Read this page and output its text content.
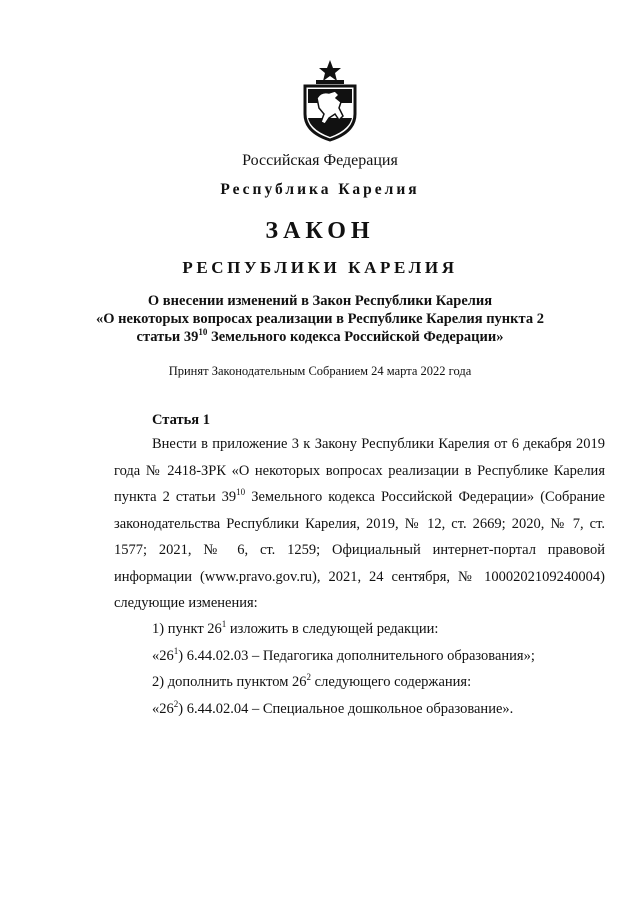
Российская Федерация
Республика Карелия
ЗАКОН
РЕСПУБЛИКИ КАРЕЛИЯ
О внесении изменений в Закон Республики Карелия
«О некоторых вопросах реализации в Республике Карелия пункта 2
статьи $39^{10}$ Земельного кодекса Российской Федерации»
Принят Законодательным Собранием 24 марта 2022 года
Статья 1

Внести в приложение 3 к Закону Республики Карелия от 6 декабря 2019 года № 2418-ЗРК «О некоторых вопросах реализации в Республике Карелия пункта 2 статьи $39^{10}$ Земельного кодекса Российской Федерации» (Собрание законодательства Республики Карелия, 2019, № 12, ст. 2669; 2020, № 7, ст. 1577; 2021, № 6, ст. 1259; Официальный интернет-портал правовой информации (www.pravo.gov.ru), 2021, 24 сентября, № 1000202109240004) следующие изменения:

1) пункт $26^1$ изложить в следующей редакции:
«$26^1$) 6.44.02.03 – Педагогика дополнительного образования»;
2) дополнить пунктом $26^2$ следующего содержания:
«$26^2$) 6.44.02.04 – Специальное дошкольное образование».
